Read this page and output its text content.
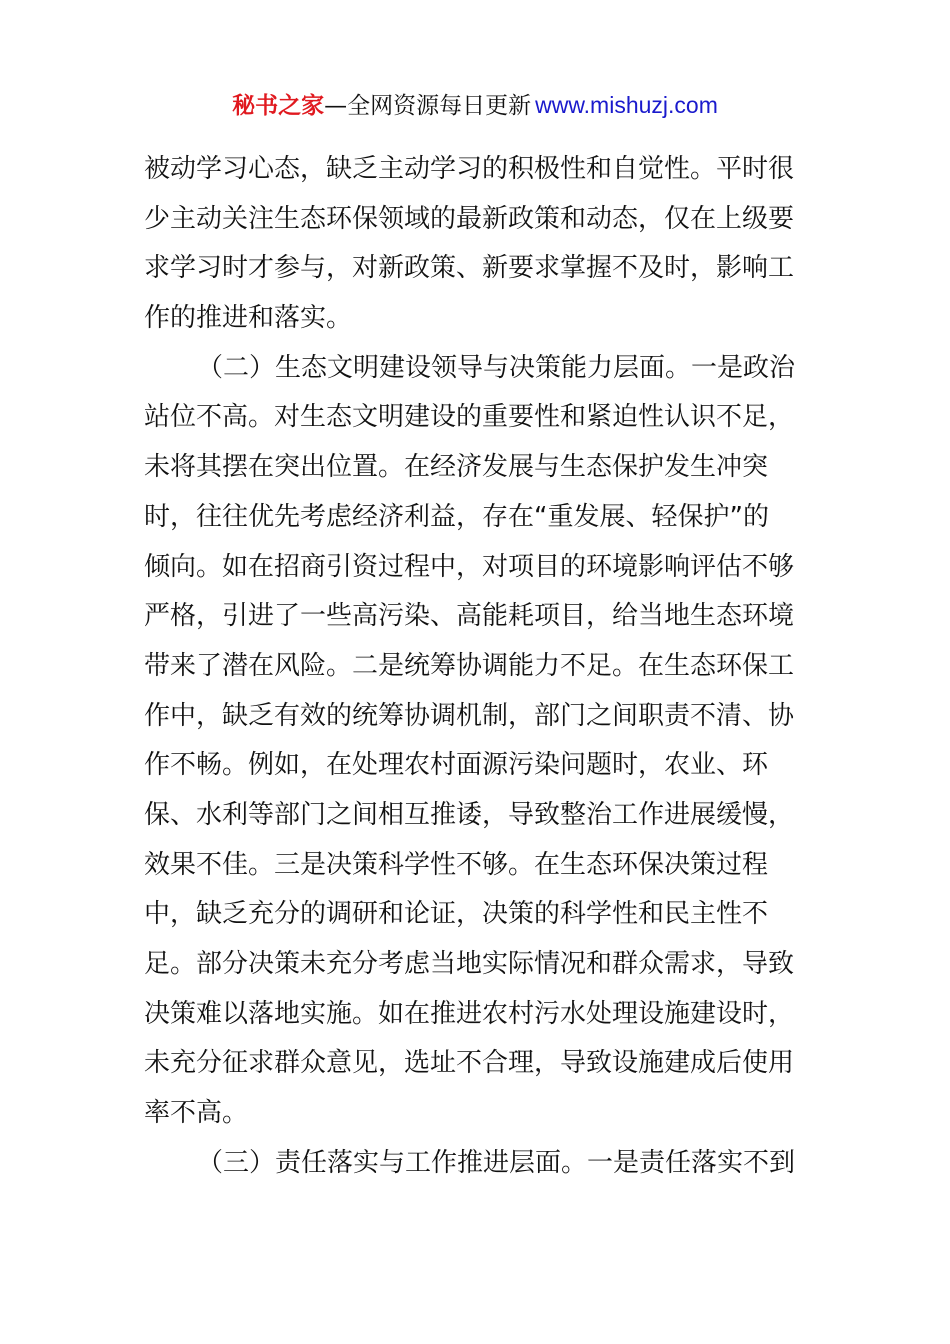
秘书之家—全网资源每日更新 www.mishuzj.com
被动学习心态，缺乏主动学习的积极性和自觉性。平时很
少主动关注生态环保领域的最新政策和动态，仅在上级要
求学习时才参与，对新政策、新要求掌握不及时，影响工
作的推进和落实。
（二）生态文明建设领导与决策能力层面。一是政治
站位不高。对生态文明建设的重要性和紧迫性认识不足，
未将其摆在突出位置。在经济发展与生态保护发生冲突
时，往往优先考虑经济利益，存在“重发展、轻保护”的
倾向。如在招商引资过程中，对项目的环境影响评估不够
严格，引进了一些高污染、高能耗项目，给当地生态环境
带来了潜在风险。二是统筹协调能力不足。在生态环保工
作中，缺乏有效的统筹协调机制，部门之间职责不清、协
作不畅。例如，在处理农村面源污染问题时，农业、环
保、水利等部门之间相互推诿，导致整治工作进展缓慢，
效果不佳。三是决策科学性不够。在生态环保决策过程
中，缺乏充分的调研和论证，决策的科学性和民主性不
足。部分决策未充分考虑当地实际情况和群众需求，导致
决策难以落地实施。如在推进农村污水处理设施建设时，
未充分征求群众意见，选址不合理，导致设施建成后使用
率不高。
（三）责任落实与工作推进层面。一是责任落实不到
